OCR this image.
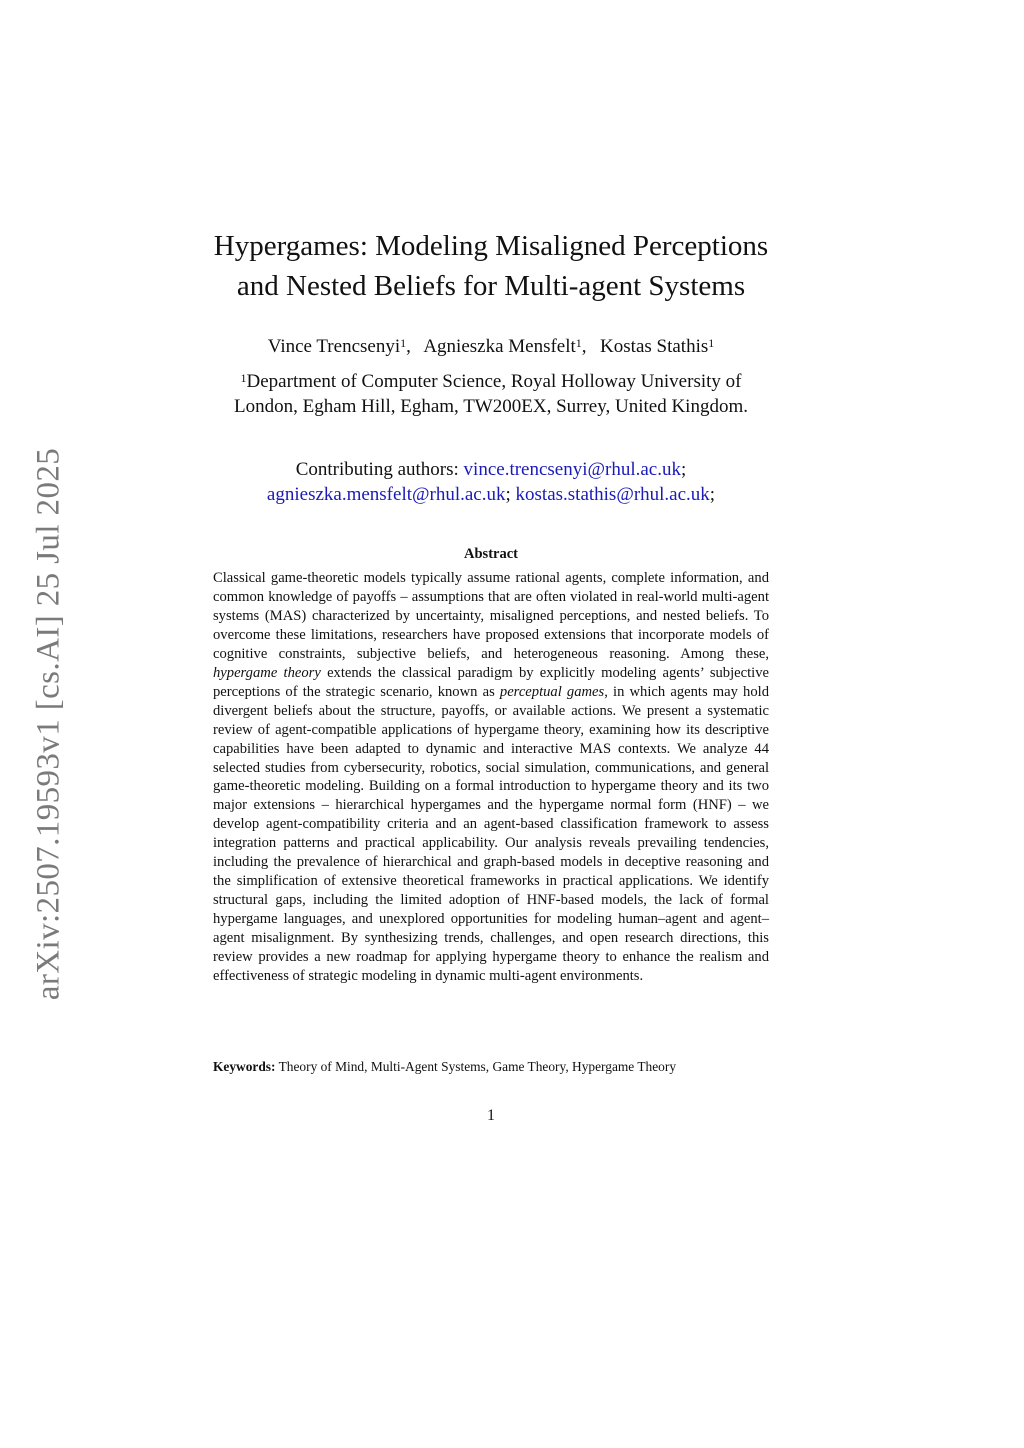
arXiv:2507.19593v1 [cs.AI] 25 Jul 2025
Hypergames: Modeling Misaligned Perceptions
and Nested Beliefs for Multi-agent Systems
Vince Trencsenyi$^1$,  Agnieszka Mensfelt$^1$,  Kostas Stathis$^1$
$^1$Department of Computer Science, Royal Holloway University of
London, Egham Hill, Egham, TW200EX, Surrey, United Kingdom.
Contributing authors: vince.trencsenyi@rhul.ac.uk;
agnieszka.mensfelt@rhul.ac.uk; kostas.stathis@rhul.ac.uk;
Abstract
Classical game-theoretic models typically assume rational agents, complete information, and common knowledge of payoffs – assumptions that are often violated in real-world multi-agent systems (MAS) characterized by uncertainty, misaligned perceptions, and nested beliefs. To overcome these limitations, researchers have proposed extensions that incorporate models of cognitive constraints, subjective beliefs, and heterogeneous reasoning. Among these, hypergame theory extends the classical paradigm by explicitly modeling agents’ subjective perceptions of the strategic scenario, known as perceptual games, in which agents may hold divergent beliefs about the structure, payoffs, or available actions. We present a systematic review of agent-compatible applications of hypergame theory, examining how its descriptive capabilities have been adapted to dynamic and interactive MAS contexts. We analyze 44 selected studies from cybersecurity, robotics, social simulation, communications, and general game-theoretic modeling. Building on a formal introduction to hypergame theory and its two major extensions – hierarchical hypergames and the hypergame normal form (HNF) – we develop agent-compatibility criteria and an agent-based classification framework to assess integration patterns and practical applicability. Our analysis reveals prevailing tendencies, including the prevalence of hierarchical and graph-based models in deceptive reasoning and the simplification of extensive theoretical frameworks in practical applications. We identify structural gaps, including the limited adoption of HNF-based models, the lack of formal hypergame languages, and unexplored opportunities for modeling human–agent and agent–agent misalignment. By synthesizing trends, challenges, and open research directions, this review provides a new roadmap for applying hypergame theory to enhance the realism and effectiveness of strategic modeling in dynamic multi-agent environments.
Keywords: Theory of Mind, Multi-Agent Systems, Game Theory, Hypergame Theory
1
